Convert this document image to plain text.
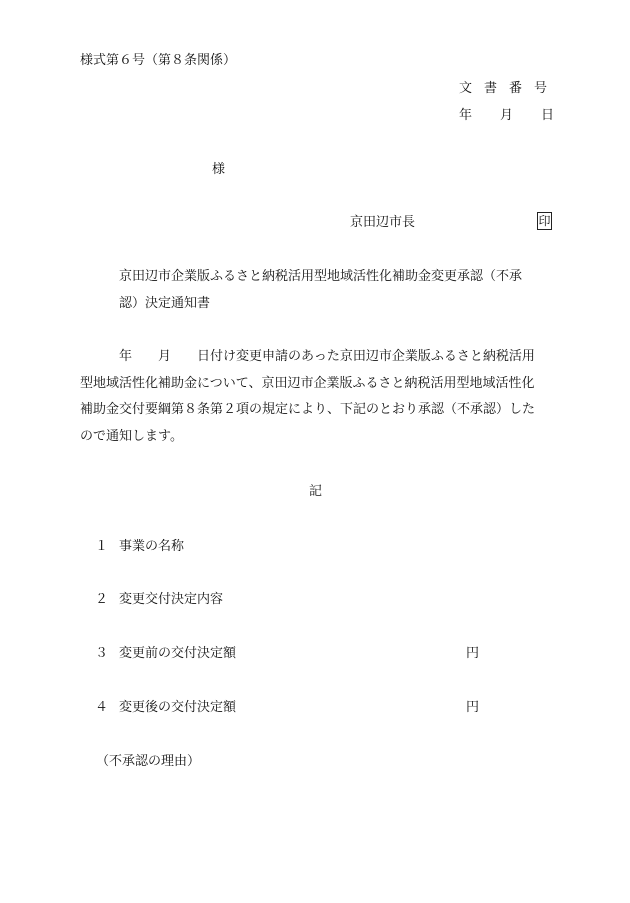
様式第６号（第８条関係）
文書番号
年 月 日
様
京田辺市長	印
京田辺市企業版ふるさと納税活用型地域活性化補助金変更承認（不承
認）決定通知書
年 月 日付け変更申請のあった京田辺市企業版ふるさと納税活用
型地域活性化補助金について、京田辺市企業版ふるさと納税活用型地域活性化
補助金交付要綱第８条第２項の規定により、下記のとおり承認（不承認）した
ので通知します。
記
１ 事業の名称
２ 変更交付決定内容
３ 変更前の交付決定額	円
４ 変更後の交付決定額	円
（不承認の理由）
